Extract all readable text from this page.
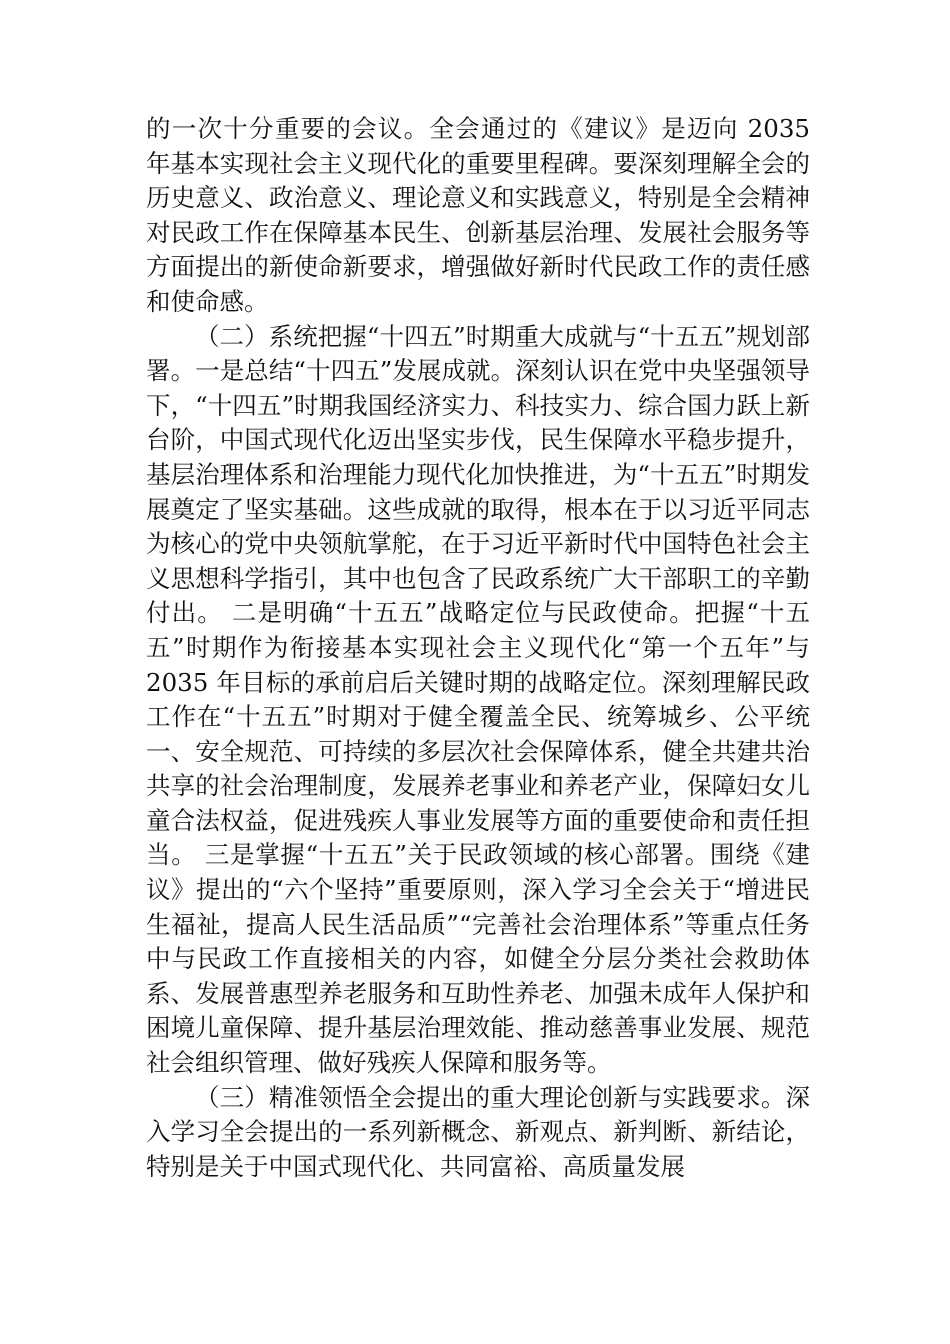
的一次十分重要的会议。全会通过的《建议》是迈向 2035 年基本实现社会主义现代化的重要里程碑。要深刻理解全会的历史意义、政治意义、理论意义和实践意义，特别是全会精神对民政工作在保障基本民生、创新基层治理、发展社会服务等方面提出的新使命新要求，增强做好新时代民政工作的责任感和使命感。

（二）系统把握“十四五”时期重大成就与“十五五”规划部署。一是总结“十四五”发展成就。深刻认识在党中央坚强领导下，“十四五”时期我国经济实力、科技实力、综合国力跃上新台阶，中国式现代化迈出坚实步伐，民生保障水平稳步提升，基层治理体系和治理能力现代化加快推进，为“十五五”时期发展奠定了坚实基础。这些成就的取得，根本在于以习近平同志为核心的党中央领航掌舵，在于习近平新时代中国特色社会主义思想科学指引，其中也包含了民政系统广大干部职工的辛勤付出。 二是明确“十五五”战略定位与民政使命。把握“十五五”时期作为衔接基本实现社会主义现代化“第一个五年”与 2035 年目标的承前启后关键时期的战略定位。深刻理解民政工作在“十五五”时期对于健全覆盖全民、统筹城乡、公平统一、安全规范、可持续的多层次社会保障体系，健全共建共治共享的社会治理制度，发展养老事业和养老产业，保障妇女儿童合法权益，促进残疾人事业发展等方面的重要使命和责任担当。 三是掌握“十五五”关于民政领域的核心部署。围绕《建议》提出的“六个坚持”重要原则，深入学习全会关于“增进民生福祉，提高人民生活品质”“完善社会治理体系”等重点任务中与民政工作直接相关的内容，如健全分层分类社会救助体系、发展普惠型养老服务和互助性养老、加强未成年人保护和困境儿童保障、提升基层治理效能、推动慈善事业发展、规范社会组织管理、做好残疾人保障和服务等。

（三）精准领悟全会提出的重大理论创新与实践要求。深入学习全会提出的一系列新概念、新观点、新判断、新结论，特别是关于中国式现代化、共同富裕、高质量发展
